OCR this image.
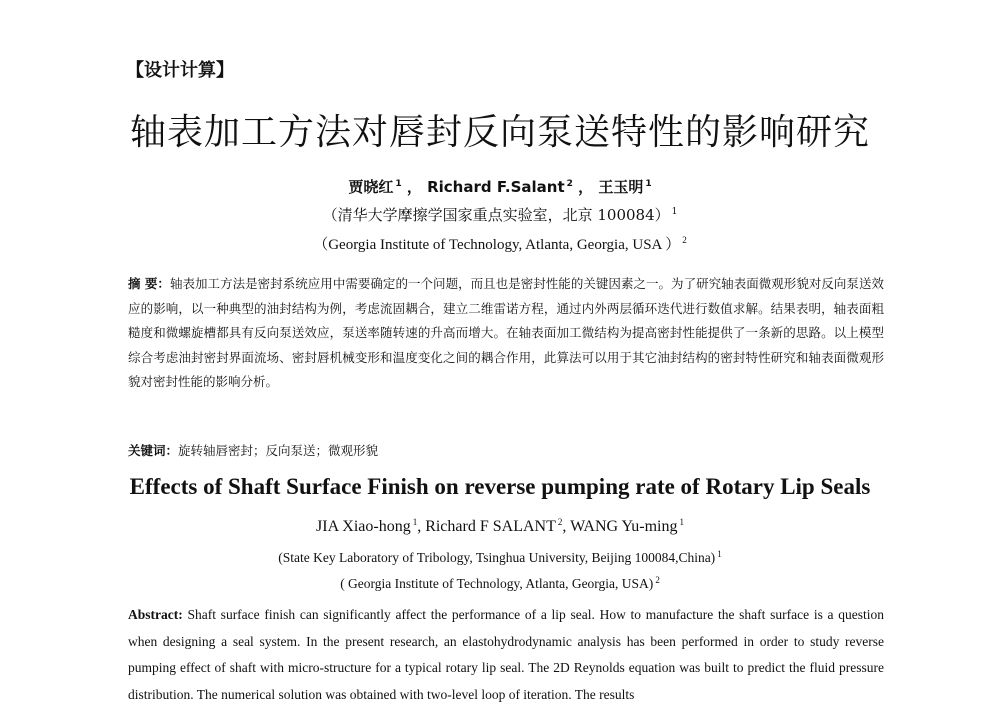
【设计计算】
轴表加工方法对唇封反向泵送特性的影响研究
贾晓红 $^1$ ， Richard F.Salant $^2$ ， 王玉明 $^1$
（清华大学摩擦学国家重点实验室，北京 100084） $^1$
（Georgia Institute of Technology, Atlanta, Georgia, USA ） $^2$
摘 要：轴表加工方法是密封系统应用中需要确定的一个问题，而且也是密封性能的关键因素之一。为了研究轴表面微观形貌对反向泵送效应的影响，以一种典型的油封结构为例，考虑流固耦合，建立二维雷诺方程，通过内外两层循环迭代进行数值求解。结果表明，轴表面粗糙度和微螺旋槽都具有反向泵送效应，泵送率随转速的升高而增大。在轴表面加工微结构为提高密封性能提供了一条新的思路。以上模型综合考虑油封密封界面流场、密封唇机械变形和温度变化之间的耦合作用，此算法可以用于其它油封结构的密封特性研究和轴表面微观形貌对密封性能的影响分析。
关键词：旋转轴唇密封；反向泵送；微观形貌
Effects of Shaft Surface Finish on reverse pumping rate of Rotary Lip Seals
JIA Xiao-hong $^1$, Richard F SALANT $^2$, WANG Yu-ming $^1$
(State Key Laboratory of Tribology, Tsinghua University, Beijing 100084,China) $^1$
( Georgia Institute of Technology, Atlanta, Georgia, USA) $^2$
Abstract: Shaft surface finish can significantly affect the performance of a lip seal. How to manufacture the shaft surface is a question when designing a seal system. In the present research, an elastohydrodynamic analysis has been performed in order to study reverse pumping effect of shaft with micro-structure for a typical rotary lip seal. The 2D Reynolds equation was built to predict the fluid pressure distribution. The numerical solution was obtained with two-level loop of iteration. The results
